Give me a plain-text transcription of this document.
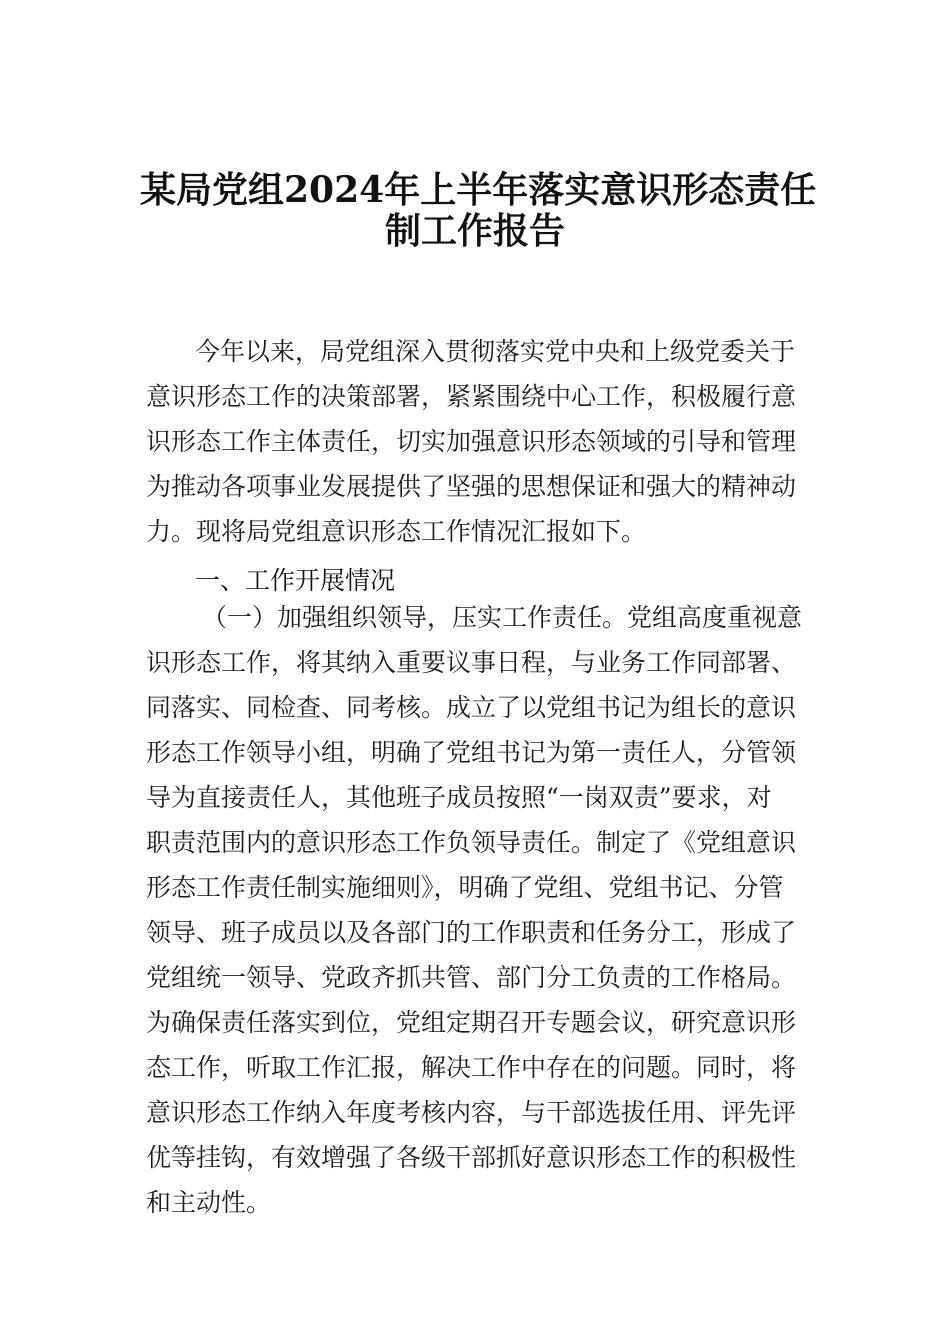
某局党组2024年上半年落实意识形态责任
制工作报告
今年以来，局党组深入贯彻落实党中央和上级党委关于
意识形态工作的决策部署，紧紧围绕中心工作，积极履行意
识形态工作主体责任，切实加强意识形态领域的引导和管理
为推动各项事业发展提供了坚强的思想保证和强大的精神动
力。现将局党组意识形态工作情况汇报如下。
一、工作开展情况
（一）加强组织领导，压实工作责任。党组高度重视意
识形态工作，将其纳入重要议事日程，与业务工作同部署、
同落实、同检查、同考核。成立了以党组书记为组长的意识
形态工作领导小组，明确了党组书记为第一责任人，分管领
导为直接责任人，其他班子成员按照“一岗双责”要求，对
职责范围内的意识形态工作负领导责任。制定了《党组意识
形态工作责任制实施细则》，明确了党组、党组书记、分管
领导、班子成员以及各部门的工作职责和任务分工，形成了
党组统一领导、党政齐抓共管、部门分工负责的工作格局。
为确保责任落实到位，党组定期召开专题会议，研究意识形
态工作，听取工作汇报，解决工作中存在的问题。同时，将
意识形态工作纳入年度考核内容，与干部选拔任用、评先评
优等挂钩，有效增强了各级干部抓好意识形态工作的积极性
和主动性。
